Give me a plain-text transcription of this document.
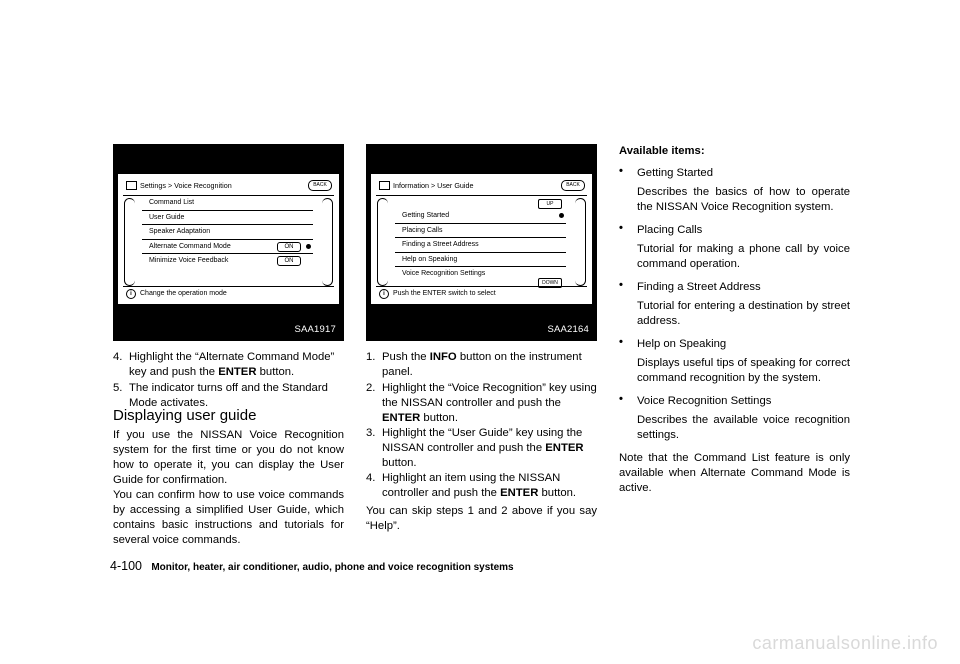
Settings > Voice Recognition	BACK
Command List
User Guide
Speaker Adaptation
Alternate Command Mode	ON
Minimize Voice Feedback	ON
i	Change the operation mode
SAA1917
Information > User Guide	BACK
UP
Getting Started
Placing Calls
Finding a Street Address
Help on Speaking
Voice Recognition Settings
DOWN
i	Push the ENTER switch to select
SAA2164
4. Highlight the “Alternate Command Mode” key and push the ENTER button.
5. The indicator turns off and the Standard Mode activates.
Displaying user guide

If you use the NISSAN Voice Recognition system for the first time or you do not know how to operate it, you can display the User Guide for confirmation.

You can confirm how to use voice commands by accessing a simplified User Guide, which contains basic instructions and tutorials for several voice commands.

1. Push the INFO button on the instrument panel.
2. Highlight the “Voice Recognition” key using the NISSAN controller and push the ENTER button.
3. Highlight the “User Guide” key using the NISSAN controller and push the ENTER button.
4. Highlight an item using the NISSAN controller and push the ENTER button.

You can skip steps 1 and 2 above if you say “Help”.

Available items:
• Getting Started
Describes the basics of how to operate the NISSAN Voice Recognition system.
• Placing Calls
Tutorial for making a phone call by voice command operation.
• Finding a Street Address
Tutorial for entering a destination by street address.
• Help on Speaking
Displays useful tips of speaking for correct command recognition by the system.
• Voice Recognition Settings
Describes the available voice recognition settings.
Note that the Command List feature is only available when Alternate Command Mode is active.
4-100 Monitor, heater, air conditioner, audio, phone and voice recognition systems
carmanualsonline.info
